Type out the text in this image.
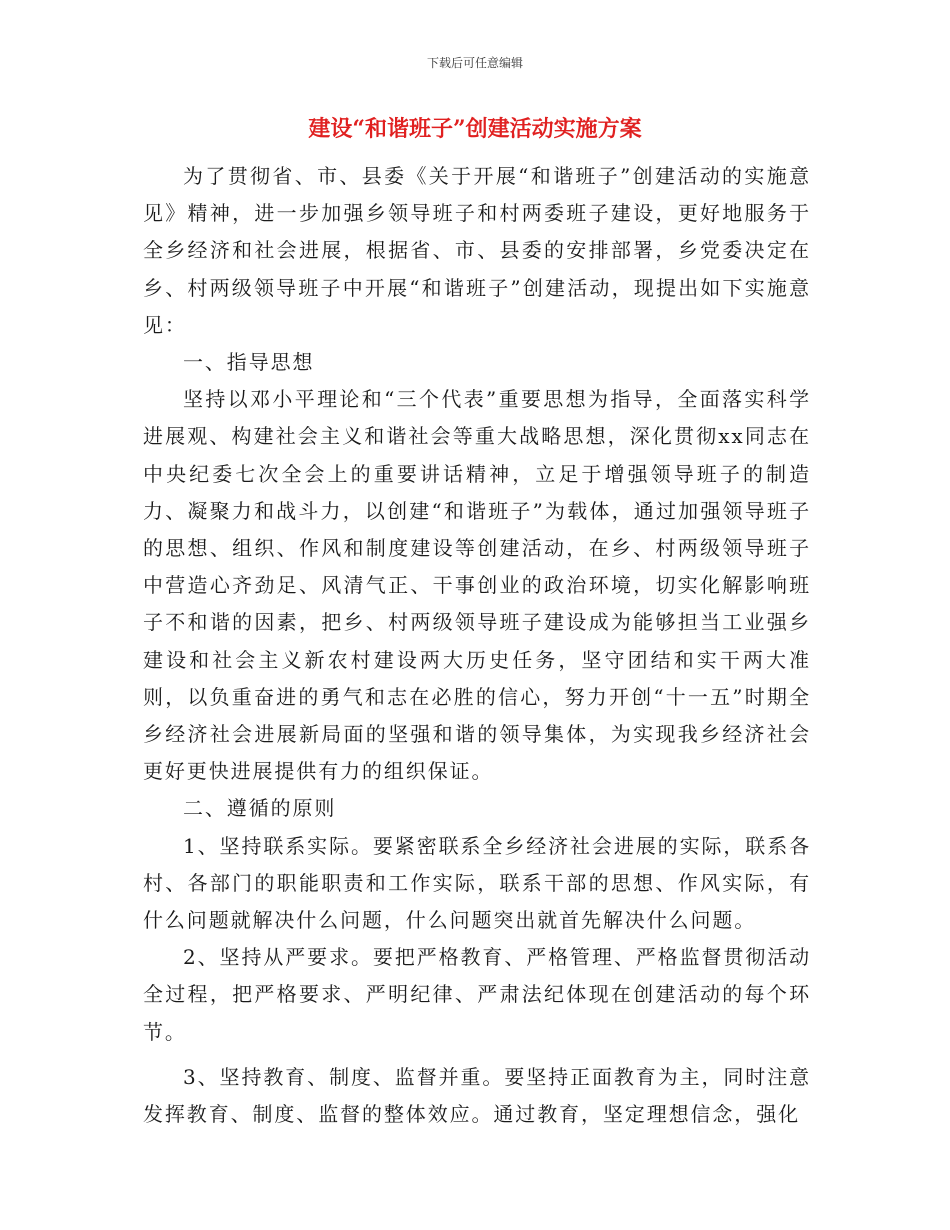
下载后可任意编辑
建设“和谐班子”创建活动实施方案

为了贯彻省、市、县委《关于开展“和谐班子”创建活动的实施意见》精神，进一步加强乡领导班子和村两委班子建设，更好地服务于全乡经济和社会进展，根据省、市、县委的安排部署，乡党委决定在乡、村两级领导班子中开展“和谐班子”创建活动，现提出如下实施意见：

一、指导思想

坚持以邓小平理论和“三个代表”重要思想为指导，全面落实科学进展观、构建社会主义和谐社会等重大战略思想，深化贯彻xx同志在中央纪委七次全会上的重要讲话精神，立足于增强领导班子的制造力、凝聚力和战斗力，以创建“和谐班子”为载体，通过加强领导班子的思想、组织、作风和制度建设等创建活动，在乡、村两级领导班子中营造心齐劲足、风清气正、干事创业的政治环境，切实化解影响班子不和谐的因素，把乡、村两级领导班子建设成为能够担当工业强乡建设和社会主义新农村建设两大历史任务，坚守团结和实干两大准则，以负重奋进的勇气和志在必胜的信心，努力开创“十一五”时期全乡经济社会进展新局面的坚强和谐的领导集体，为实现我乡经济社会更好更快进展提供有力的组织保证。

二、遵循的原则

1、坚持联系实际。要紧密联系全乡经济社会进展的实际，联系各村、各部门的职能职责和工作实际，联系干部的思想、作风实际，有什么问题就解决什么问题，什么问题突出就首先解决什么问题。

2、坚持从严要求。要把严格教育、严格管理、严格监督贯彻活动全过程，把严格要求、严明纪律、严肃法纪体现在创建活动的每个环节。

3、坚持教育、制度、监督并重。要坚持正面教育为主，同时注意发挥教育、制度、监督的整体效应。通过教育，坚定理想信念，强化
